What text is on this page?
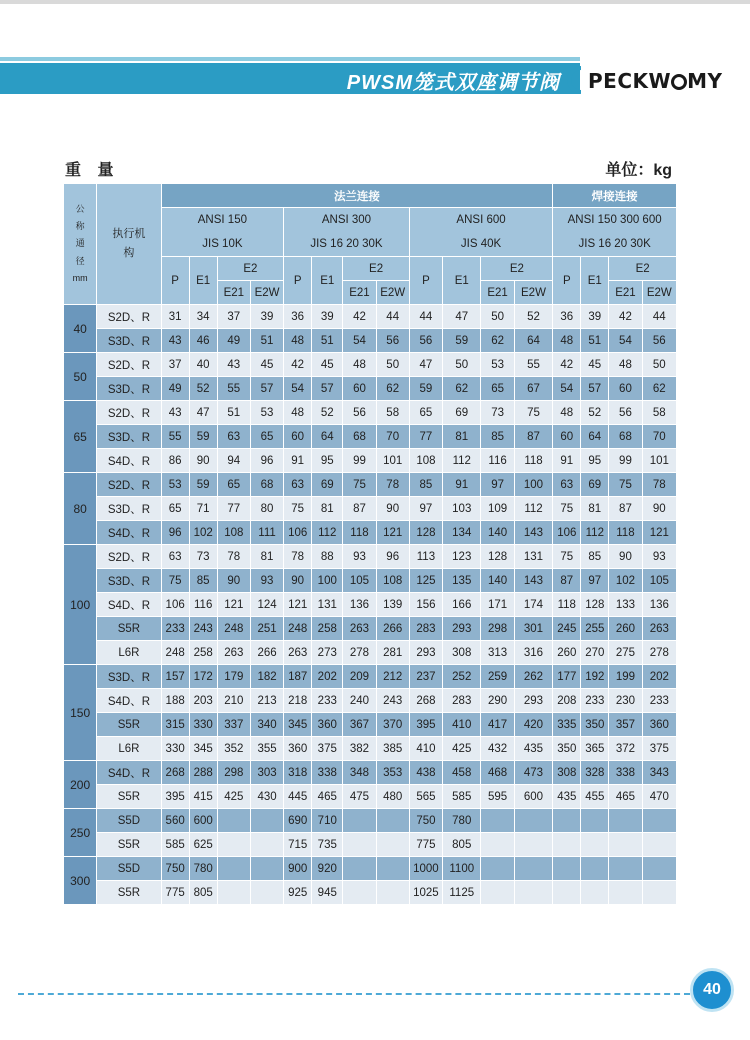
PWSM笼式双座调节阀 PECKW MY
重 量	单位：kg
公
称
通
径
mm	执行机构	法兰连接												焊接连接			
		ANSI 150
JIS 10K				ANSI 300
JIS 16 20 30K				ANSI 600
JIS 40K				ANSI 150 300 600
JIS 16 20 30K			
		P	E1	E2		P	E1	E2		P	E1	E2		P	E1	E2	
				E21	E2W			E21	E2W			E21	E2W			E21	E2W
40	S2D、R	31	34	37	39	36	39	42	44	44	47	50	52	36	39	42	44
	S3D、R	43	46	49	51	48	51	54	56	56	59	62	64	48	51	54	56
50	S2D、R	37	40	43	45	42	45	48	50	47	50	53	55	42	45	48	50
	S3D、R	49	52	55	57	54	57	60	62	59	62	65	67	54	57	60	62
65	S2D、R	43	47	51	53	48	52	56	58	65	69	73	75	48	52	56	58
	S3D、R	55	59	63	65	60	64	68	70	77	81	85	87	60	64	68	70
	S4D、R	86	90	94	96	91	95	99	101	108	112	116	118	91	95	99	101
80	S2D、R	53	59	65	68	63	69	75	78	85	91	97	100	63	69	75	78
	S3D、R	65	71	77	80	75	81	87	90	97	103	109	112	75	81	87	90
	S4D、R	96	102	108	111	106	112	118	121	128	134	140	143	106	112	118	121
100	S2D、R	63	73	78	81	78	88	93	96	113	123	128	131	75	85	90	93
	S3D、R	75	85	90	93	90	100	105	108	125	135	140	143	87	97	102	105
	S4D、R	106	116	121	124	121	131	136	139	156	166	171	174	118	128	133	136
	S5R	233	243	248	251	248	258	263	266	283	293	298	301	245	255	260	263
	L6R	248	258	263	266	263	273	278	281	293	308	313	316	260	270	275	278
150	S3D、R	157	172	179	182	187	202	209	212	237	252	259	262	177	192	199	202
	S4D、R	188	203	210	213	218	233	240	243	268	283	290	293	208	233	230	233
	S5R	315	330	337	340	345	360	367	370	395	410	417	420	335	350	357	360
	L6R	330	345	352	355	360	375	382	385	410	425	432	435	350	365	372	375
200	S4D、R	268	288	298	303	318	338	348	353	438	458	468	473	308	328	338	343
	S5R	395	415	425	430	445	465	475	480	565	585	595	600	435	455	465	470
250	S5D	560	600			690	710			750	780						
	S5R	585	625			715	735			775	805						
300	S5D	750	780			900	920			1000	1100						
	S5R	775	805			925	945			1025	1125						
40
